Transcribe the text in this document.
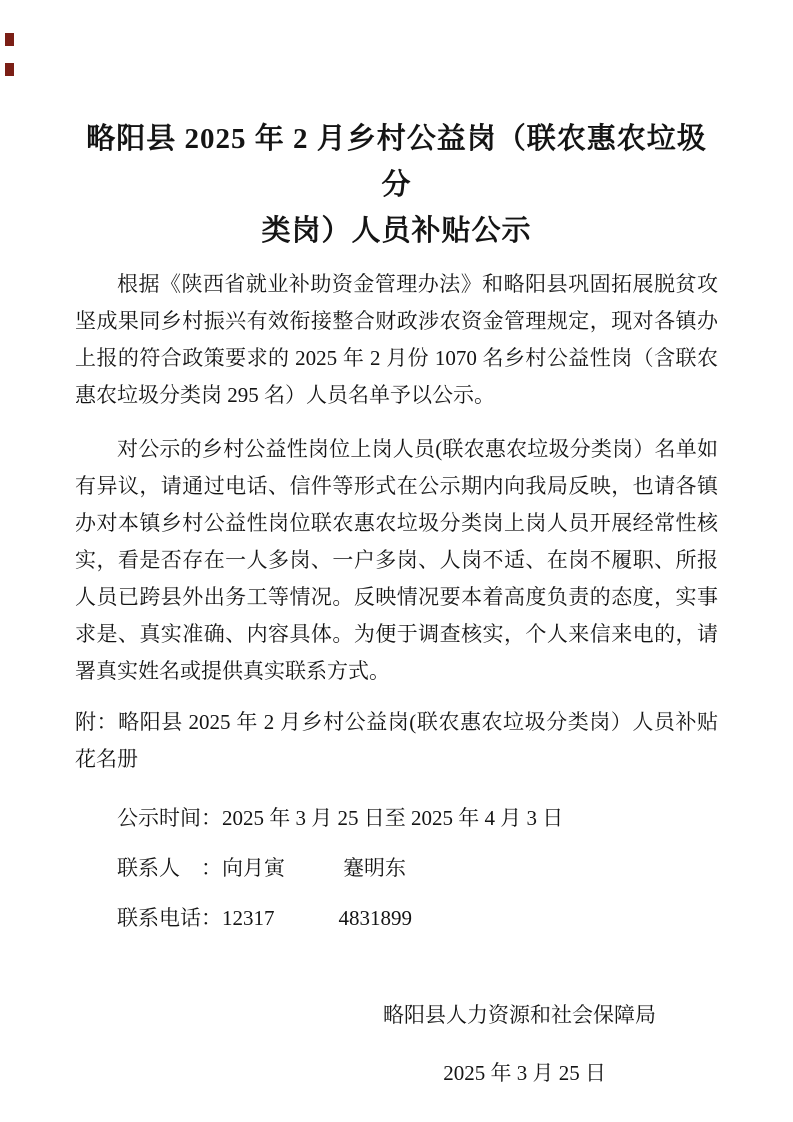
略阳县 2025 年 2 月乡村公益岗（联农惠农垃圾分
类岗）人员补贴公示

根据《陕西省就业补助资金管理办法》和略阳县巩固拓展脱贫攻坚成果同乡村振兴有效衔接整合财政涉农资金管理规定，现对各镇办上报的符合政策要求的 2025 年 2 月份 1070 名乡村公益性岗（含联农惠农垃圾分类岗 295 名）人员名单予以公示。

对公示的乡村公益性岗位上岗人员(联农惠农垃圾分类岗）名单如有异议，请通过电话、信件等形式在公示期内向我局反映，也请各镇办对本镇乡村公益性岗位联农惠农垃圾分类岗上岗人员开展经常性核实，看是否存在一人多岗、一户多岗、人岗不适、在岗不履职、所报人员已跨县外出务工等情况。反映情况要本着高度负责的态度，实事求是、真实准确、内容具体。为便于调查核实，个人来信来电的，请署真实姓名或提供真实联系方式。

附：略阳县 2025 年 2 月乡村公益岗(联农惠农垃圾分类岗）人员补贴花名册

公示时间：2025 年 3 月 25 日至 2025 年 4 月 3 日

联系人　：向月寅	蹇明东

联系电话：12317	4831899

略阳县人力资源和社会保障局

2025 年 3 月 25 日
